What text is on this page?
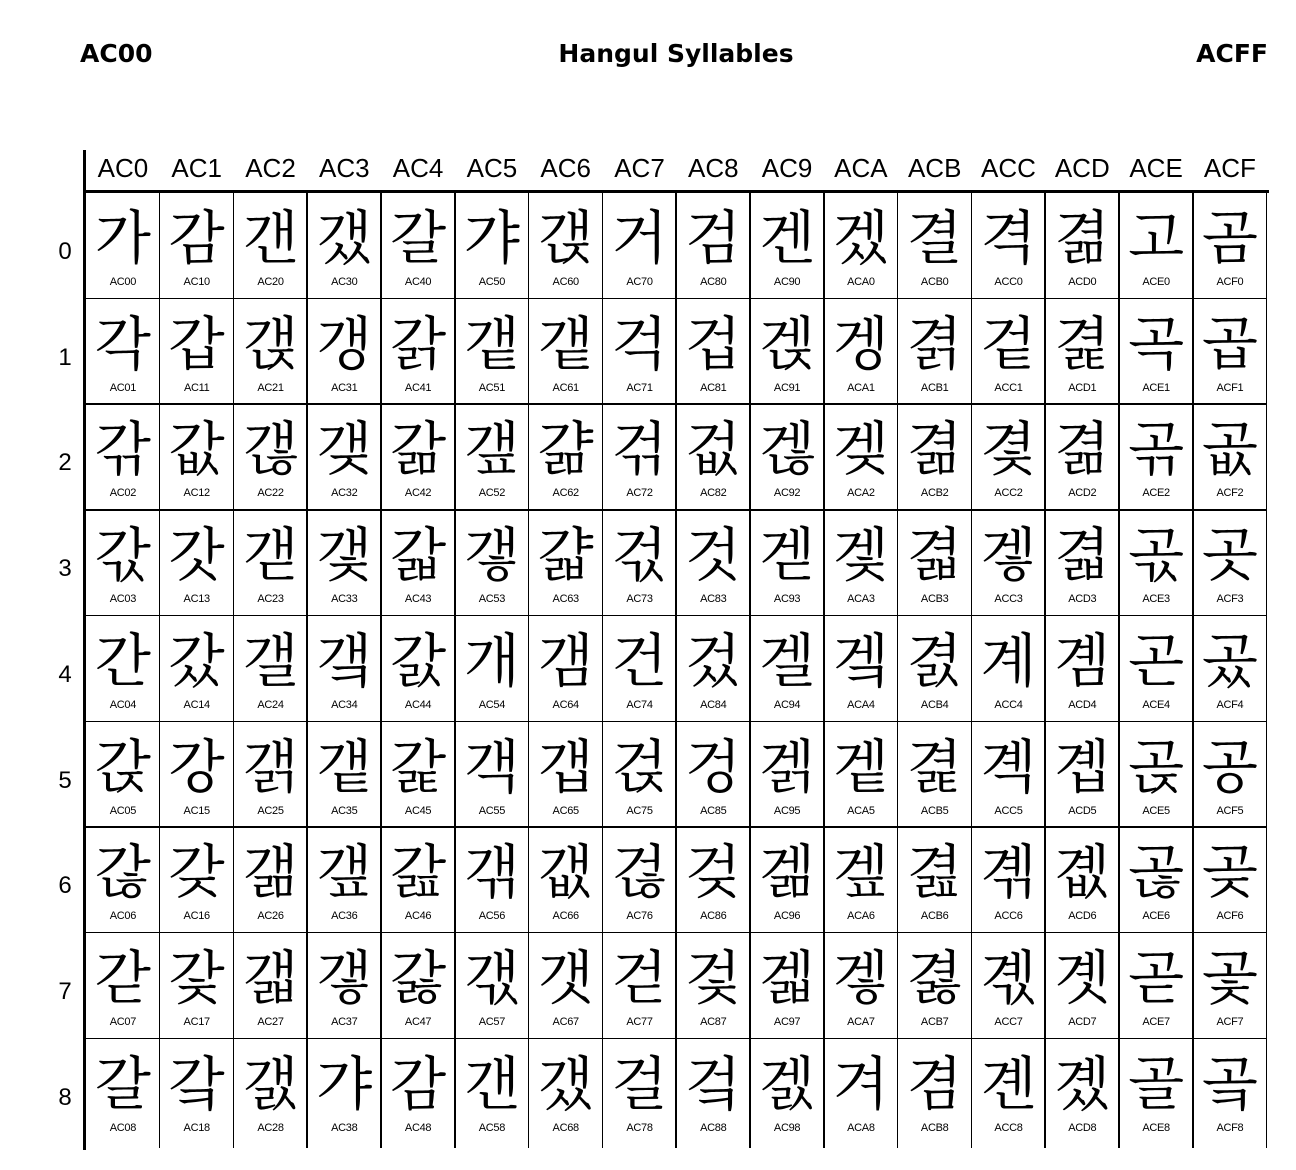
AC00	Hangul Syllables	ACFF
AC0 AC1 AC2 AC3 AC4 AC5 AC6 AC7 AC8 AC9 ACA ACB ACC ACD ACE ACF
0 가
AC00
감
AC10
갠
AC20
갰
AC30
갈
AC40
갸
AC50
갡
AC60
거
AC70
검
AC80
겐
AC90
겠
ACA0
결
ACB0
격
ACC0
겲
ACD0
고
ACE0
곰
ACF0
1 각
AC01
갑
AC11
갡
AC21
갱
AC31
갉
AC41
갵
AC51
갵
AC61
걱
AC71
겁
AC81
겑
AC91
겡
ACA1
겱
ACB1
겉
ACC1
겵
ACD1
곡
ACE1
곱
ACF1
2 갂
AC02
값
AC12
갢
AC22
갲
AC32
갊
AC42
갶
AC52
걂
AC62
걲
AC72
겂
AC82
겒
AC92
겢
ACA2
겲
ACB2
겿
ACC2
겲
ACD2
곢
ACE2
곲
ACF2
3 갃
AC03
갓
AC13
갣
AC23
갳
AC33
갋
AC43
갷
AC53
걃
AC63
걳
AC73
것
AC83
겓
AC93
겣
ACA3
겳
ACB3
겧
ACC3
겳
ACD3
곣
ACE3
곳
ACF3
4 간
AC04
갔
AC14
갤
AC24
갴
AC34
갌
AC44
개
AC54
갬
AC64
건
AC74
겄
AC84
겔
AC94
겤
ACA4
겴
ACB4
계
ACC4
곔
ACD4
곤
ACE4
곴
ACF4
5 갅
AC05
강
AC15
갥
AC25
갵
AC35
갍
AC45
객
AC55
갭
AC65
걵
AC75
겅
AC85
겕
AC95
겥
ACA5
겵
ACB5
곅
ACC5
곕
ACD5
곥
ACE5
공
ACF5
6 갆
AC06
갖
AC16
갦
AC26
갶
AC36
갎
AC46
갞
AC56
갮
AC66
걶
AC76
겆
AC86
겖
AC96
겦
ACA6
겶
ACB6
곆
ACC6
곖
ACD6
곦
ACE6
곶
ACF6
7 갇
AC07
갗
AC17
갧
AC27
갷
AC37
갏
AC47
갟
AC57
갯
AC67
걷
AC77
겇
AC87
겗
AC97
겧
ACA7
겷
ACB7
곇
ACC7
곗
ACD7
곧
ACE7
곷
ACF7
8 갈
AC08
갘
AC18
갨
AC28
갸
AC38
감
AC48
갠
AC58
갰
AC68
걸
AC78
겈
AC88
겘
AC98
겨
ACA8
겸
ACB8
곈
ACC8
곘
ACD8
골
ACE8
곸
ACF8
